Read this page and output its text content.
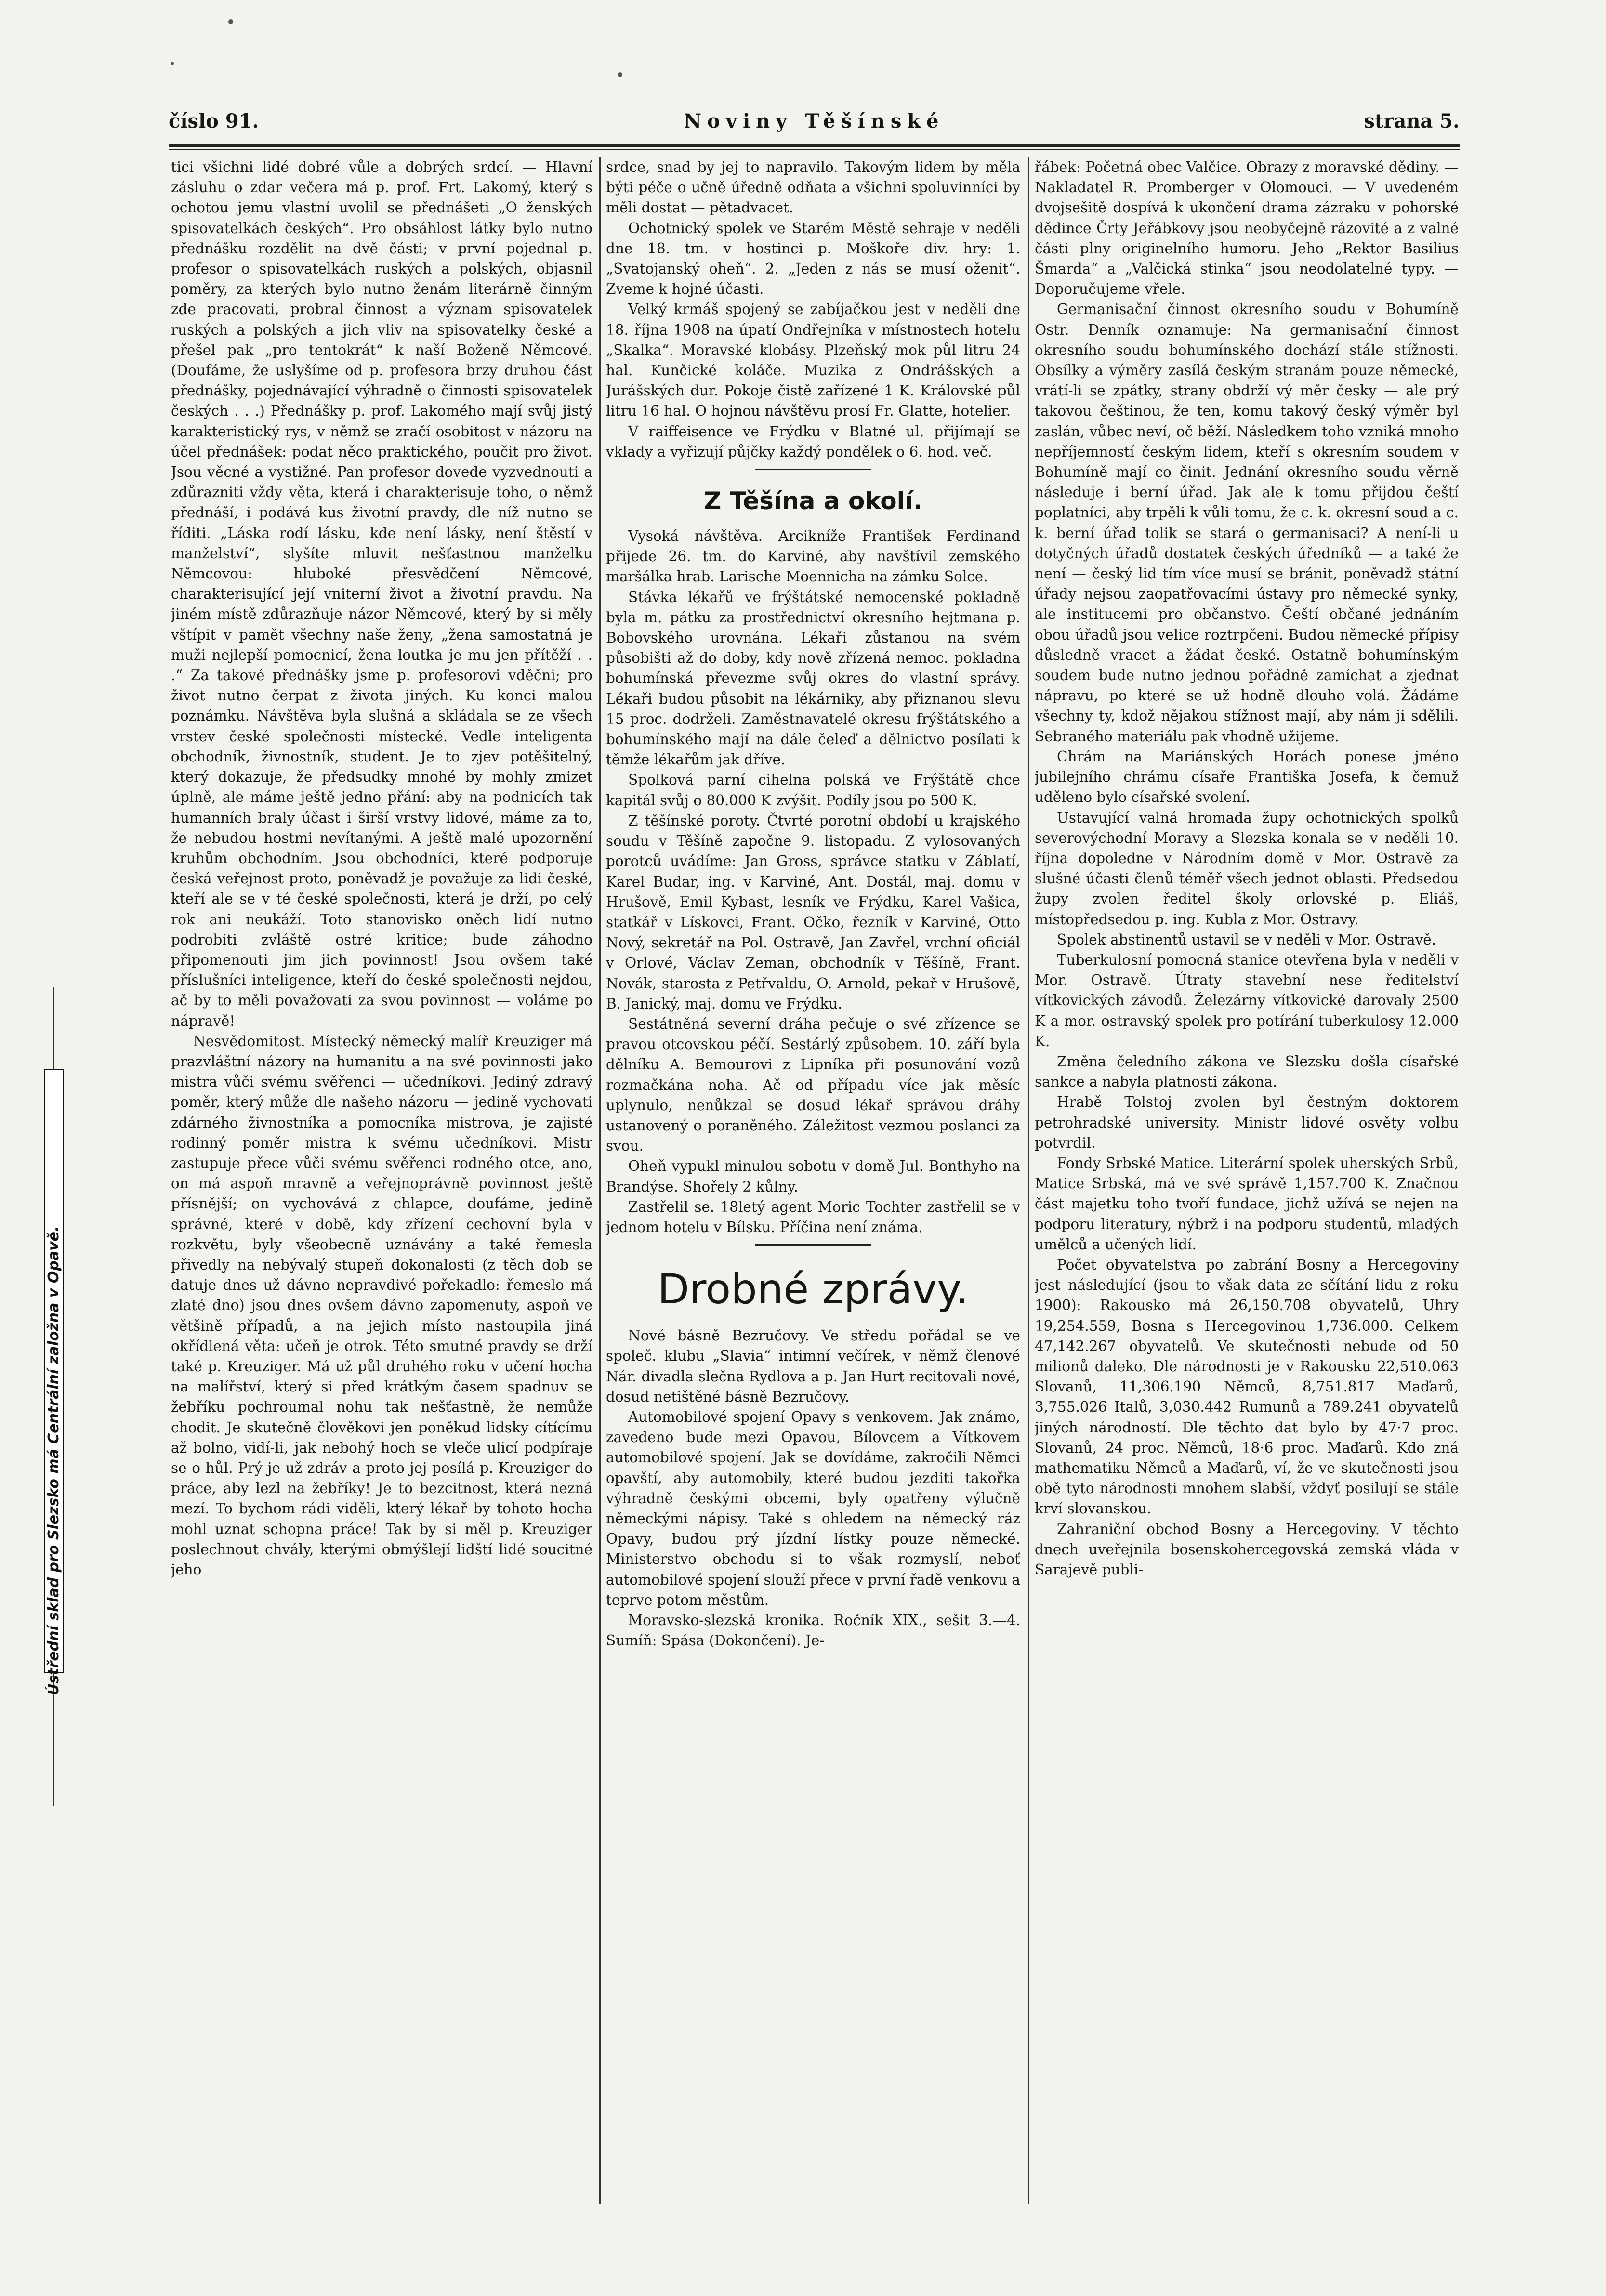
číslo 91.	Noviny Těšínské	strana 5.
Ústřední sklad pro Slezsko má Centrální založna v Opavě.

tici všichni lidé dobré vůle a dobrých srdcí. — Hlavní zásluhu o zdar večera má p. prof. Frt. Lakomý, který s ochotou jemu vlastní uvolil se přednášeti „O ženských spisovatelkách českých“. Pro obsáhlost látky bylo nutno přednášku rozdělit na dvě části; v první pojednal p. profesor o spisovatelkách ruských a polských, objasnil poměry, za kterých bylo nutno ženám literárně činným zde pracovati, probral činnost a význam spisovatelek ruských a polských a jich vliv na spisovatelky české a přešel pak „pro tentokrát“ k naší Boženě Němcové. (Doufáme, že uslyšíme od p. profesora brzy druhou část přednášky, pojednávající výhradně o činnosti spisovatelek českých . . .) Přednášky p. prof. Lakomého mají svůj jistý karakteristický rys, v němž se zračí osobitost v názoru na účel přednášek: podat něco praktického, poučit pro život. Jsou věcné a vystižné. Pan profesor dovede vyzvednouti a zdůrazniti vždy věta, která i charakterisuje toho, o němž přednáší, i podává kus životní pravdy, dle níž nutno se říditi. „Láska rodí lásku, kde není lásky, není štěstí v manželství“, slyšíte mluvit nešťastnou manželku Němcovou: hluboké přesvědčení Němcové, charakterisující její vniterní život a životní pravdu. Na jiném místě zdůrazňuje názor Němcové, který by si měly vštípit v pamět všechny naše ženy, „žena samostatná je muži nejlepší pomocnicí, žena loutka je mu jen přítěží . . .“ Za takové přednášky jsme p. profesorovi vděčni; pro život nutno čerpat z života jiných. Ku konci malou poznámku. Návštěva byla slušná a skládala se ze všech vrstev české společnosti místecké. Vedle inteligenta obchodník, živnostník, student. Je to zjev potěšitelný, který dokazuje, že předsudky mnohé by mohly zmizet úplně, ale máme ještě jedno přání: aby na podnicích tak humanních braly účast i širší vrstvy lidové, máme za to, že nebudou hostmi nevítanými. A ještě malé upozornění kruhům obchodním. Jsou obchodníci, které podporuje česká veřejnost proto, poněvadž je považuje za lidi české, kteří ale se v té české společnosti, která je drží, po celý rok ani neukáží. Toto stanovisko oněch lidí nutno podrobiti zvláště ostré kritice; bude záhodno připomenouti jim jich povinnost! Jsou ovšem také příslušníci inteligence, kteří do české společnosti nejdou, ač by to měli považovati za svou povinnost — voláme po nápravě!

Nesvědomitost. Místecký německý malíř Kreuziger má prazvláštní názory na humanitu a na své povinnosti jako mistra vůči svému svěřenci — učedníkovi. Jediný zdravý poměr, který může dle našeho názoru — jedině vychovati zdárného živnostníka a pomocníka mistrova, je zajisté rodinný poměr mistra k svému učedníkovi. Mistr zastupuje přece vůči svému svěřenci rodného otce, ano, on má aspoň mravně a veřejnoprávně povinnost ještě přísnější; on vychovává z chlapce, doufáme, jedině správné, které v době, kdy zřízení cechovní byla v rozkvětu, byly všeobecně uznávány a také řemesla přivedly na nebývalý stupeň dokonalosti (z těch dob se datuje dnes už dávno nepravdivé pořekadlo: řemeslo má zlaté dno) jsou dnes ovšem dávno zapomenuty, aspoň ve většině případů, a na jejich místo nastoupila jiná okřídlená věta: učeň je otrok. Této smutné pravdy se drží také p. Kreuziger. Má už půl druhého roku v učení hocha na malířství, který si před krátkým časem spadnuv se žebříku pochroumal nohu tak nešťastně, že nemůže chodit. Je skutečně člověkovi jen poněkud lidsky cítícímu až bolno, vidí-li, jak nebohý hoch se vleče ulicí podpíraje se o hůl. Prý je už zdráv a proto jej posílá p. Kreuziger do práce, aby lezl na žebříky! Je to bezcitnost, která nezná mezí. To bychom rádi viděli, který lékař by tohoto hocha mohl uznat schopna práce! Tak by si měl p. Kreuziger poslechnout chvály, kterými obmýšlejí lidští lidé soucitné jeho

srdce, snad by jej to napravilo. Takovým lidem by měla býti péče o učně úředně odňata a všichni spoluvinníci by měli dostat — pětadvacet.

Ochotnický spolek ve Starém Městě sehraje v neděli dne 18. tm. v hostinci p. Moškoře div. hry: 1. „Svatojanský oheň“. 2. „Jeden z nás se musí oženit“. Zveme k hojné účasti.

Velký krmáš spojený se zabíjačkou jest v neděli dne 18. října 1908 na úpatí Ondřejníka v místnostech hotelu „Skalka“. Moravské klobásy. Plzeňský mok půl litru 24 hal. Kunčické koláče. Muzika z Ondrášských a Jurášských dur. Pokoje čistě zařízené 1 K. Královské půl litru 16 hal. O hojnou návštěvu prosí Fr. Glatte, hotelier.

V raiffeisence ve Frýdku v Blatné ul. přijímají se vklady a vyřizují půjčky každý pondělek o 6. hod. več.

Z Těšína a okolí.

Vysoká návštěva. Arcikníže František Ferdinand přijede 26. tm. do Karviné, aby navštívil zemského maršálka hrab. Larische Moennicha na zámku Solce.

Stávka lékařů ve frýštátské nemocenské pokladně byla m. pátku za prostřednictví okresního hejtmana p. Bobovského urovnána. Lékaři zůstanou na svém působišti až do doby, kdy nově zřízená nemoc. pokladna bohumínská převezme svůj okres do vlastní správy. Lékaři budou působit na lékárniky, aby přiznanou slevu 15 proc. dodrželi. Zaměstnavatelé okresu frýštátského a bohumínského mají na dále čeleď a dělnictvo posílati k těmže lékařům jak dříve.

Spolková parní cihelna polská ve Frýštátě chce kapitál svůj o 80.000 K zvýšit. Podíly jsou po 500 K.

Z těšínské poroty. Čtvrté porotní období u krajského soudu v Těšíně započne 9. listopadu. Z vylosovaných porotců uvádíme: Jan Gross, správce statku v Záblatí, Karel Budar, ing. v Karviné, Ant. Dostál, maj. domu v Hrušově, Emil Kybast, lesník ve Frýdku, Karel Vašica, statkář v Lískovci, Frant. Očko, řezník v Karviné, Otto Nový, sekretář na Pol. Ostravě, Jan Zavřel, vrchní oficiál v Orlové, Václav Zeman, obchodník v Těšíně, Frant. Novák, starosta z Petřvaldu, O. Arnold, pekař v Hrušově, B. Janický, maj. domu ve Frýdku.

Sestátněná severní dráha pečuje o své zřízence se pravou otcovskou péčí. Sestárlý způsobem. 10. září byla dělníku A. Bemourovi z Lipníka při posunování vozů rozmačkána noha. Ač od případu více jak měsíc uplynulo, nenůkzal se dosud lékař správou dráhy ustanovený o poraněného. Záležitost vezmou poslanci za svou.

Oheň vypukl minulou sobotu v domě Jul. Bonthyho na Brandýse. Shořely 2 kůlny.

Zastřelil se. 18letý agent Moric Tochter zastřelil se v jednom hotelu v Bílsku. Příčina není známa.

Drobné zprávy.

Nové básně Bezručovy. Ve středu pořádal se ve společ. klubu „Slavia“ intimní večírek, v němž členové Nár. divadla slečna Rydlova a p. Jan Hurt recitovali nové, dosud netištěné básně Bezručovy.

Automobilové spojení Opavy s venkovem. Jak známo, zavedeno bude mezi Opavou, Bílovcem a Vítkovem automobilové spojení. Jak se dovídáme, zakročili Němci opavští, aby automobily, které budou jezditi takořka výhradně českými obcemi, byly opatřeny výlučně německými nápisy. Také s ohledem na německý ráz Opavy, budou prý jízdní lístky pouze německé. Ministerstvo obchodu si to však rozmyslí, neboť automobilové spojení slouží přece v první řadě venkovu a teprve potom městům.

Moravsko-slezská kronika. Ročník XIX., sešit 3.—4. Sumíň: Spása (Dokončení). Je-

řábek: Početná obec Valčice. Obrazy z moravské dědiny. — Nakladatel R. Promberger v Olomouci. — V uvedeném dvojsešitě dospívá k ukončení drama zázraku v pohorské dědince Črty Jeřábkovy jsou neobyčejně rázovité a z valné části plny originelního humoru. Jeho „Rektor Basilius Šmarda“ a „Valčická stinka“ jsou neodolatelné typy. — Doporučujeme vřele.

Germanisační činnost okresního soudu v Bohumíně Ostr. Denník oznamuje: Na germanisační činnost okresního soudu bohumínského dochází stále stížnosti. Obsílky a výměry zasílá českým stranám pouze německé, vrátí-li se zpátky, strany obdrží vý měr česky — ale prý takovou češtinou, že ten, komu takový český výměr byl zaslán, vůbec neví, oč běží. Následkem toho vzniká mnoho nepříjemností českým lidem, kteří s okresním soudem v Bohumíně mají co činit. Jednání okresního soudu věrně následuje i berní úřad. Jak ale k tomu přijdou čeští poplatníci, aby trpěli k vůli tomu, že c. k. okresní soud a c. k. berní úřad tolik se stará o germanisaci? A není-li u dotyčných úřadů dostatek českých úředníků — a také že není — český lid tím více musí se bránit, poněvadž státní úřady nejsou zaopatřovacími ústavy pro německé synky, ale institucemi pro občanstvo. Čeští občané jednáním obou úřadů jsou velice roztrpčeni. Budou německé přípisy důsledně vracet a žádat české. Ostatně bohumínským soudem bude nutno jednou pořádně zamíchat a zjednat nápravu, po které se už hodně dlouho volá. Žádáme všechny ty, kdož nějakou stížnost mají, aby nám ji sdělili. Sebraného materiálu pak vhodně užijeme.

Chrám na Mariánských Horách ponese jméno jubilejního chrámu císaře Františka Josefa, k čemuž uděleno bylo císařské svolení.

Ustavující valná hromada župy ochotnických spolků severovýchodní Moravy a Slezska konala se v neděli 10. října dopoledne v Národním domě v Mor. Ostravě za slušné účasti členů téměř všech jednot oblasti. Předsedou župy zvolen ředitel školy orlovské p. Eliáš, místopředsedou p. ing. Kubla z Mor. Ostravy.

Spolek abstinentů ustavil se v neděli v Mor. Ostravě.

Tuberkulosní pomocná stanice otevřena byla v neděli v Mor. Ostravě. Útraty stavební nese ředitelství vítkovických závodů. Železárny vítkovické darovaly 2500 K a mor. ostravský spolek pro potírání tuberkulosy 12.000 K.

Změna čeledního zákona ve Slezsku došla císařské sankce a nabyla platnosti zákona.

Hrabě Tolstoj zvolen byl čestným doktorem petrohradské university. Ministr lidové osvěty volbu potvrdil.

Fondy Srbské Matice. Literární spolek uherských Srbů, Matice Srbská, má ve své správě 1,157.700 K. Značnou část majetku toho tvoří fundace, jichž užívá se nejen na podporu literatury, nýbrž i na podporu studentů, mladých umělců a učených lidí.

Počet obyvatelstva po zabrání Bosny a Hercegoviny jest následující (jsou to však data ze sčítání lidu z roku 1900): Rakousko má 26,150.708 obyvatelů, Uhry 19,254.559, Bosna s Hercegovinou 1,736.000. Celkem 47,142.267 obyvatelů. Ve skutečnosti nebude od 50 milionů daleko. Dle národnosti je v Rakousku 22,510.063 Slovanů, 11,306.190 Němců, 8,751.817 Maďarů, 3,755.026 Italů, 3,030.442 Rumunů a 789.241 obyvatelů jiných národností. Dle těchto dat bylo by 47·7 proc. Slovanů, 24 proc. Němců, 18·6 proc. Maďarů. Kdo zná mathematiku Němců a Maďarů, ví, že ve skutečnosti jsou obě tyto národnosti mnohem slabší, vždyť posilují se stále krví slovanskou.

Zahraniční obchod Bosny a Hercegoviny. V těchto dnech uveřejnila bosenskohercegovská zemská vláda v Sarajevě publi-
